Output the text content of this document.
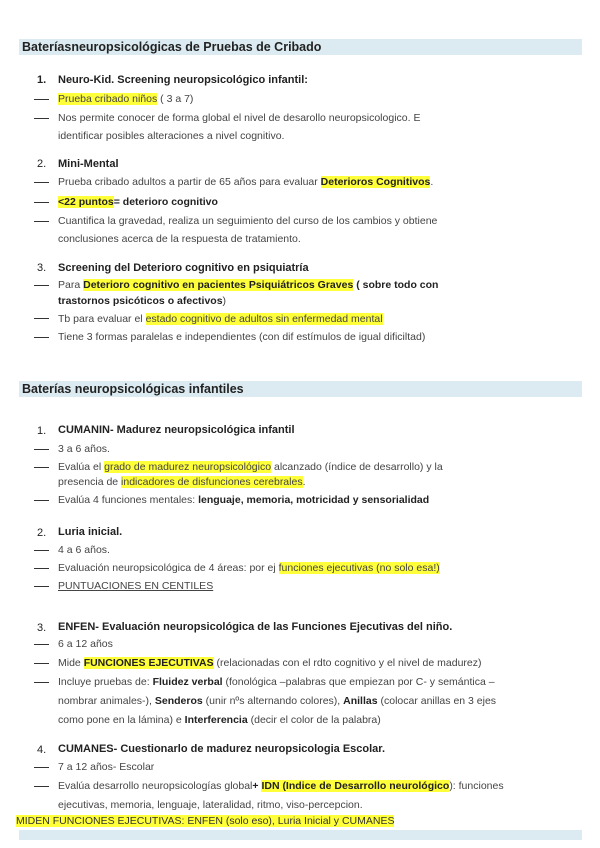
Bateríasneuropsicológicas de Pruebas de Cribado
1. Neuro-Kid. Screening neuropsicológico infantil:
Prueba cribado niños ( 3 a 7)
Nos permite conocer de forma global el nivel de desarollo neuropsicologico. E
identificar posibles alteraciones a nivel cognitivo.
2. Mini-Mental
Prueba cribado adultos a partir de 65 años para evaluar Deterioros Cognitivos.
<22 puntos= deterioro cognitivo
Cuantifica la gravedad, realiza un seguimiento del curso de los cambios y obtiene
conclusiones acerca de la respuesta de tratamiento.
3. Screening del Deterioro cognitivo en psiquiatría
Para Deterioro cognitivo en pacientes Psiquiátricos Graves ( sobre todo con
trastornos psicóticos o afectivos)
Tb para evaluar el estado cognitivo de adultos sin enfermedad mental
Tiene 3 formas paralelas e independientes (con dif estímulos de igual dificiltad)
Baterías neuropsicológicas infantiles
1. CUMANIN- Madurez neuropsicológica infantil
3 a 6 años.
Evalúa el grado de madurez neuropsicológico alcanzado (índice de desarrollo) y la
presencia de indicadores de disfunciones cerebrales.
Evalúa 4 funciones mentales: lenguaje, memoria, motricidad y sensorialidad
2. Luria inicial.
4 a 6 años.
Evaluación neuropsicológica de 4 áreas: por ej funciones ejecutivas (no solo esa!)
PUNTUACIONES EN CENTILES
3. ENFEN- Evaluación neuropsicológica de las Funciones Ejecutivas del niño.
6 a 12 años
Mide FUNCIONES EJECUTIVAS (relacionadas con el rdto cognitivo y el nivel de madurez)
Incluye pruebas de: Fluidez verbal (fonológica –palabras que empiezan por C- y semántica –
nombrar animales-), Senderos (unir nºs alternando colores), Anillas (colocar anillas en 3 ejes
como pone en la lámina) e Interferencia (decir el color de la palabra)
4. CUMANES- Cuestionarlo de madurez neuropsicologia Escolar.
7 a 12 años- Escolar
Evalúa desarrollo neuropsicologías global+ IDN (Indice de Desarrollo neurológico): funciones
ejecutivas, memoria, lenguaje, lateralidad, ritmo, viso-percepcion.
MIDEN FUNCIONES EJECUTIVAS: ENFEN (solo eso), Luria Inicial y CUMANES
